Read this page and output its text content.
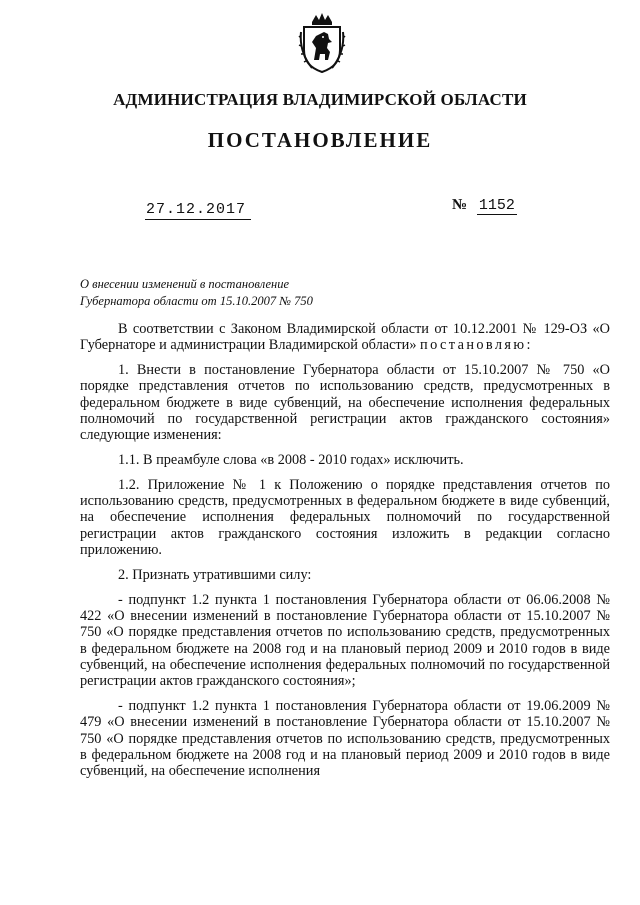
АДМИНИСТРАЦИЯ ВЛАДИМИРСКОЙ ОБЛАСТИ
ПОСТАНОВЛЕНИЕ
27.12.2017	№ 1152
О внесении изменений в постановление
Губернатора области от 15.10.2007 № 750

В соответствии с Законом Владимирской области от 10.12.2001 № 129-ОЗ «О Губернаторе и администрации Владимирской области» постановляю:

1. Внести в постановление Губернатора области от 15.10.2007 № 750 «О порядке представления отчетов по использованию средств, предусмотренных в федеральном бюджете в виде субвенций, на обеспечение исполнения федеральных полномочий по государственной регистрации актов гражданского состояния» следующие изменения:

1.1. В преамбуле слова «в 2008 - 2010 годах» исключить.

1.2. Приложение № 1 к Положению о порядке представления отчетов по использованию средств, предусмотренных в федеральном бюджете в виде субвенций, на обеспечение исполнения федеральных полномочий по государственной регистрации актов гражданского состояния изложить в редакции согласно приложению.

2. Признать утратившими силу:

- подпункт 1.2 пункта 1 постановления Губернатора области от 06.06.2008 № 422 «О внесении изменений в постановление Губернатора области от 15.10.2007 № 750 «О порядке представления отчетов по использованию средств, предусмотренных в федеральном бюджете на 2008 год и на плановый период 2009 и 2010 годов в виде субвенций, на обеспечение исполнения федеральных полномочий по государственной регистрации актов гражданского состояния»;

- подпункт 1.2 пункта 1 постановления Губернатора области от 19.06.2009 № 479 «О внесении изменений в постановление Губернатора области от 15.10.2007 № 750 «О порядке представления отчетов по использованию средств, предусмотренных в федеральном бюджете на 2008 год и на плановый период 2009 и 2010 годов в виде субвенций, на обеспечение исполнения
